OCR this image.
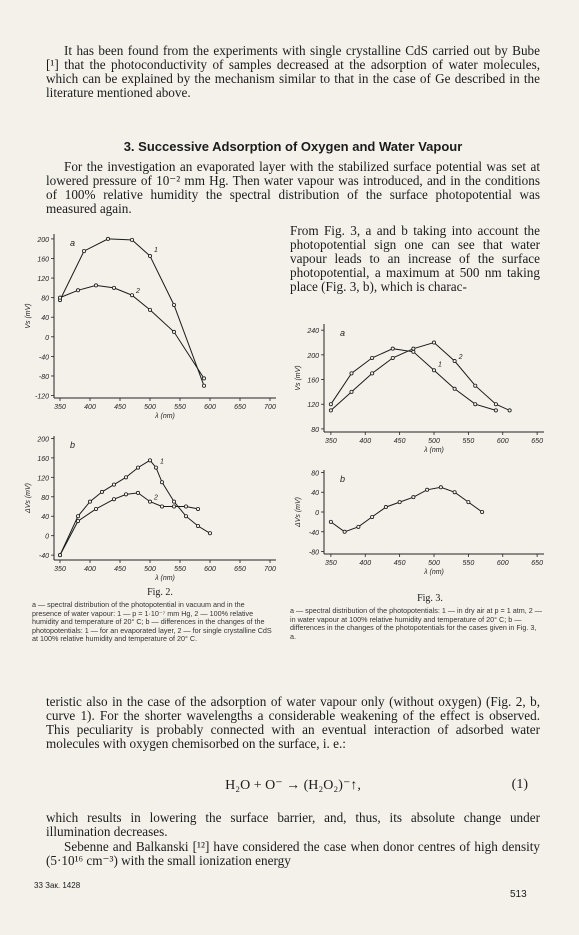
It has been found from the experiments with single crystalline CdS carried out by Bube [¹] that the photoconductivity of samples decreased at the adsorption of water molecules, which can be explained by the mechanism similar to that in the case of Ge described in the literature mentioned above.

3. Successive Adsorption of Oxygen and Water Vapour

For the investigation an evaporated layer with the stabilized surface potential was set at lowered pressure of 10⁻² mm Hg. Then water vapour was introduced, and in the conditions of 100% relative humidity the spectral distribution of the surface photopotential was measured again.

From Fig. 3, a and b taking into account the photopotential sign one can see that water vapour leads to an increase of the surface photopotential, a maximum at 500 nm taking place (Fig. 3, b), which is charac-

200
160
120
80
40
0
-40
-80
-120
350	400	450	500	550	600	650	700
λ (nm)
Vs (mV)
a
1
2
200
160
120
80
40
0
-40
350	400	450	500	550	600	650	700
λ (nm)
ΔVs (mV)
b
1
2
240
200
160
120
80
350	400	450	500	550	600	650
λ (nm)
Vs (mV)
a
1
2
80
40
0
-40
-80
350	400	450	500	550	600	650
λ (nm)
ΔVs (mV)
b
Fig. 2.
a — spectral distribution of the photopotential in vacuum and in the presence of water vapour: 1 — p = 1·10⁻⁷ mm Hg, 2 — 100% relative humidity and temperature of 20° C; b — differences in the changes of the photopotentials: 1 — for an evaporated layer, 2 — for single crystalline CdS at 100% relative humidity and temperature of 20° C.
Fig. 3.
a — spectral distribution of the photopotentials: 1 — in dry air at p = 1 atm, 2 — in water vapour at 100% relative humidity and temperature of 20° C; b — differences in the changes of the photopotentials for the cases given in Fig. 3, a.

teristic also in the case of the adsorption of water vapour only (without oxygen) (Fig. 2, b, curve 1). For the shorter wavelengths a considerable weakening of the effect is observed. This peculiarity is probably connected with an eventual interaction of adsorbed water molecules with oxygen chemisorbed on the surface, i. e.:

H₂O + O⁻ → (H₂O₂)⁻↑,	(1)

which results in lowering the surface barrier, and, thus, its absolute change under illumination decreases.

Sebenne and Balkanski [¹²] have considered the case when donor centres of high density (5·10¹⁶ cm⁻³) with the small ionization energy

33 Зак. 1428
513
